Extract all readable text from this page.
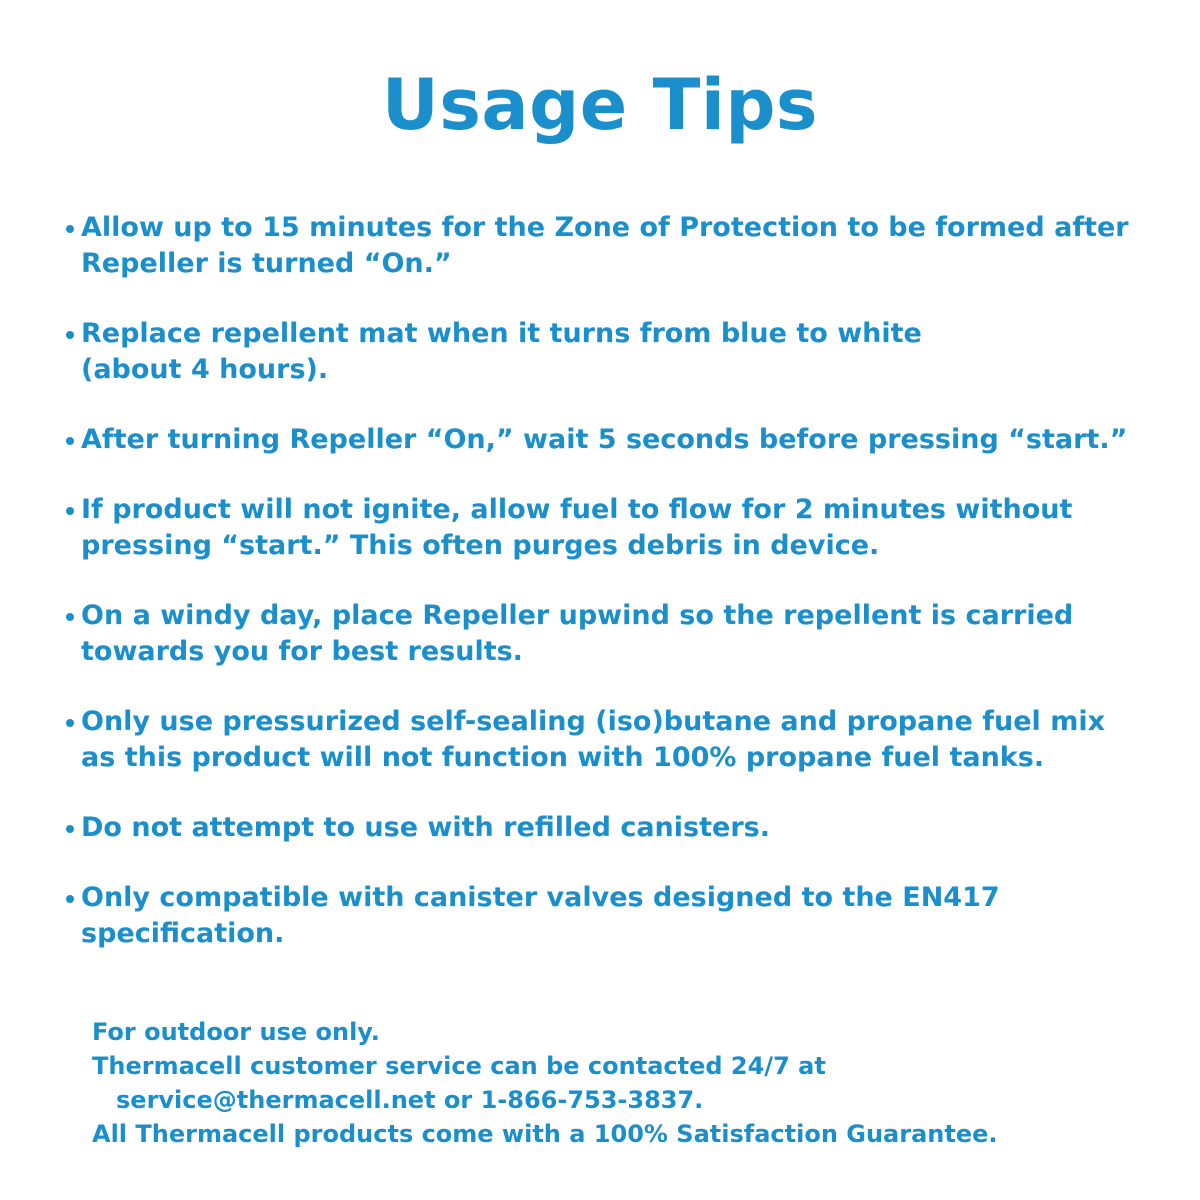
Usage Tips
Allow up to 15 minutes for the Zone of Protection to be formed after
Repeller is turned “On.”
Replace repellent mat when it turns from blue to white
(about 4 hours).
After turning Repeller “On,” wait 5 seconds before pressing “start.”
If product will not ignite, allow fuel to flow for 2 minutes without
pressing “start.” This often purges debris in device.
On a windy day, place Repeller upwind so the repellent is carried
towards you for best results.
Only use pressurized self-sealing (iso)butane and propane fuel mix
as this product will not function with 100% propane fuel tanks.
Do not attempt to use with refilled canisters.
Only compatible with canister valves designed to the EN417 specification.
For outdoor use only.
Thermacell customer service can be contacted 24/7 at
service@thermacell.net or 1-866-753-3837.
All Thermacell products come with a 100% Satisfaction Guarantee.
